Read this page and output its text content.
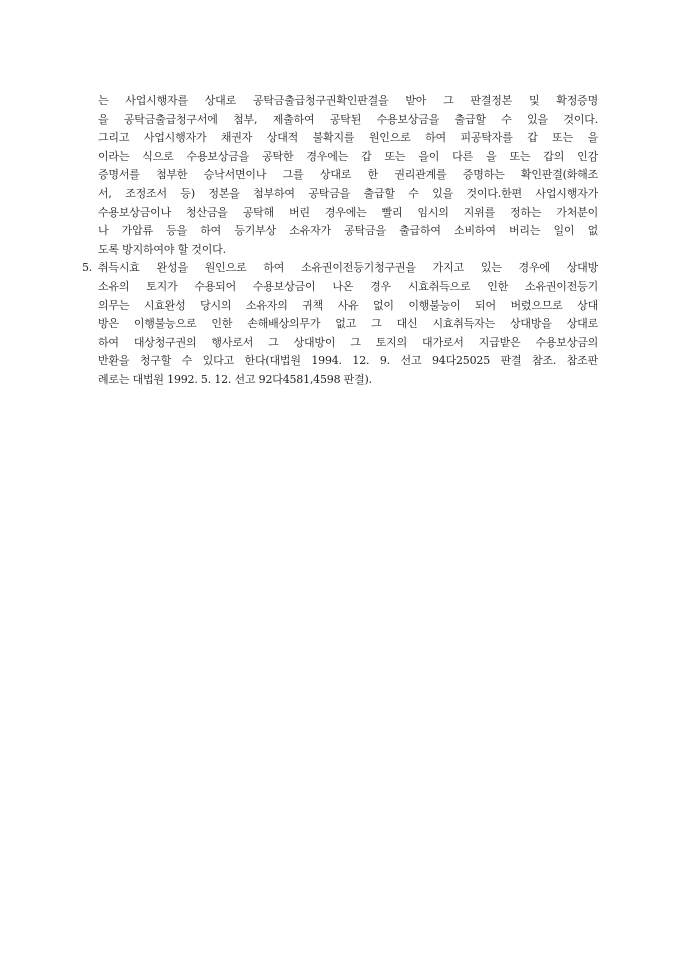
는 사업시행자를 상대로 공탁금출급청구권확인판결을 받아 그 판결정본 및 확정증명
을 공탁금출급청구서에 첨부, 제출하여 공탁된 수용보상금을 출급할 수 있을 것이다.
그리고 사업시행자가 채권자 상대적 불확지를 원인으로 하여 피공탁자를 갑 또는 을
이라는 식으로 수용보상금을 공탁한 경우에는 갑 또는 을이 다른 을 또는 갑의 인감
증명서를 첨부한 승낙서면이나 그를 상대로 한 권리관계를 증명하는 확인판결(화해조
서, 조정조서 등) 정본을 첨부하여 공탁금을 출급할 수 있을 것이다.한편 사업시행자가
수용보상금이나 청산금을 공탁해 버린 경우에는 빨리 임시의 지위를 정하는 가처분이
나 가압류 등을 하여 등기부상 소유자가 공탁금을 출급하여 소비하여 버리는 일이 없
도록 방지하여야 할 것이다.
5. 취득시효 완성을 원인으로 하여 소유권이전등기청구권을 가지고 있는 경우에 상대방
소유의 토지가 수용되어 수용보상금이 나온 경우 시효취득으로 인한 소유권이전등기
의무는 시효완성 당시의 소유자의 귀책 사유 없이 이행불능이 되어 버렸으므로 상대
방은 이행불능으로 인한 손해배상의무가 없고 그 대신 시효취득자는 상대방을 상대로
하여 대상청구권의 행사로서 그 상대방이 그 토지의 대가로서 지급받은 수용보상금의
반환을 청구할 수 있다고 한다(대법원 1994. 12. 9. 선고 94다25025 판결 참조. 참조판
례로는 대법원 1992. 5. 12. 선고 92다4581,4598 판결).
